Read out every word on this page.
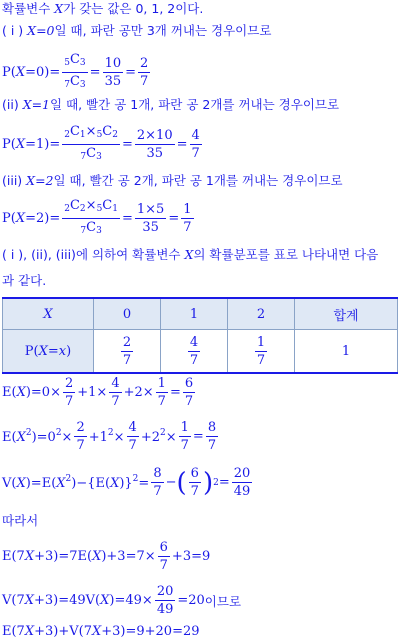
확률변수 X가 갖는 값은 0, 1, 2이다.
( i ) X=0일 때, 파란 공만 3개 꺼내는 경우이므로
$P(X=0)= \frac{_5C_3}{_7C_3} = \frac{10}{35} = \frac{2}{7}$
(ii) X=1일 때, 빨간 공 1개, 파란 공 2개를 꺼내는 경우이므로
$P(X=1)= \frac{_2C_1\times_5C_2}{_7C_3} = \frac{2\times 10}{35} = \frac{4}{7}$
(iii) X=2일 때, 빨간 공 2개, 파란 공 1개를 꺼내는 경우이므로
$P(X=2)= \frac{_2C_2\times_5C_1}{_7C_3} = \frac{1\times 5}{35} = \frac{1}{7}$
( i ), (ii), (iii)에 의하여 확률변수 X의 확률분포를 표로 나타내면 다음
과 같다.
X	0	1	2	합계
P(X=x)	$\frac{2}{7}$	$\frac{4}{7}$	$\frac{1}{7}$	1
$E(X)=0\times \frac{2}{7} +1\times \frac{4}{7} +2\times \frac{1}{7} = \frac{6}{7}$
$E(X^2)=0^2\times \frac{2}{7} +1^2\times \frac{4}{7} +2^2\times \frac{1}{7} = \frac{8}{7}$
$V(X)=E(X^2)-\{E(X)\}^2= \frac{8}{7}$ − ( $\frac{6}{7}$ ) $2 = \frac{20}{49}$
따라서
$E(7X+3)=7E(X)+3=7\times \frac{6}{7} +3=9$
$V(7X+3)=49V(X)=49\times \frac{20}{49} =20$ 이므로
E(7X+3)+V(7X+3)=9+20=29
